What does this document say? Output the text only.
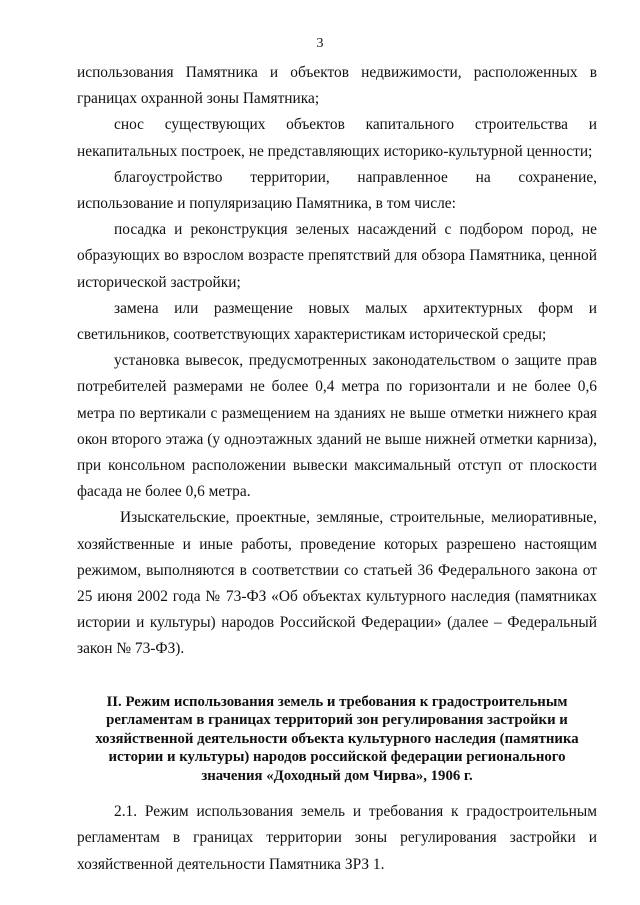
3

использования Памятника и объектов недвижимости, расположенных в границах охранной зоны Памятника;

снос существующих объектов капитального строительства и некапитальных построек, не представляющих историко-культурной ценности;

благоустройство территории, направленное на сохранение, использование и популяризацию Памятника, в том числе:

посадка и реконструкция зеленых насаждений с подбором пород, не образующих во взрослом возрасте препятствий для обзора Памятника, ценной исторической застройки;

замена или размещение новых малых архитектурных форм и светильников, соответствующих характеристикам исторической среды;

установка вывесок, предусмотренных законодательством о защите прав потребителей размерами не более 0,4 метра по горизонтали и не более 0,6 метра по вертикали с размещением на зданиях не выше отметки нижнего края окон второго этажа (у одноэтажных зданий не выше нижней отметки карниза), при консольном расположении вывески максимальный отступ от плоскости фасада не более 0,6 метра.

Изыскательские, проектные, земляные, строительные, мелиоративные, хозяйственные и иные работы, проведение которых разрешено настоящим режимом, выполняются в соответствии со статьей 36 Федерального закона от 25 июня 2002 года № 73-ФЗ «Об объектах культурного наследия (памятниках истории и культуры) народов Российской Федерации» (далее – Федеральный закон № 73-ФЗ).

II. Режим использования земель и требования к градостроительным регламентам в границах территорий зон регулирования застройки и хозяйственной деятельности объекта культурного наследия (памятника истории и культуры) народов российской федерации регионального значения «Доходный дом Чирва», 1906 г.

2.1. Режим использования земель и требования к градостроительным регламентам в границах территории зоны регулирования застройки и хозяйственной деятельности Памятника ЗРЗ 1.
